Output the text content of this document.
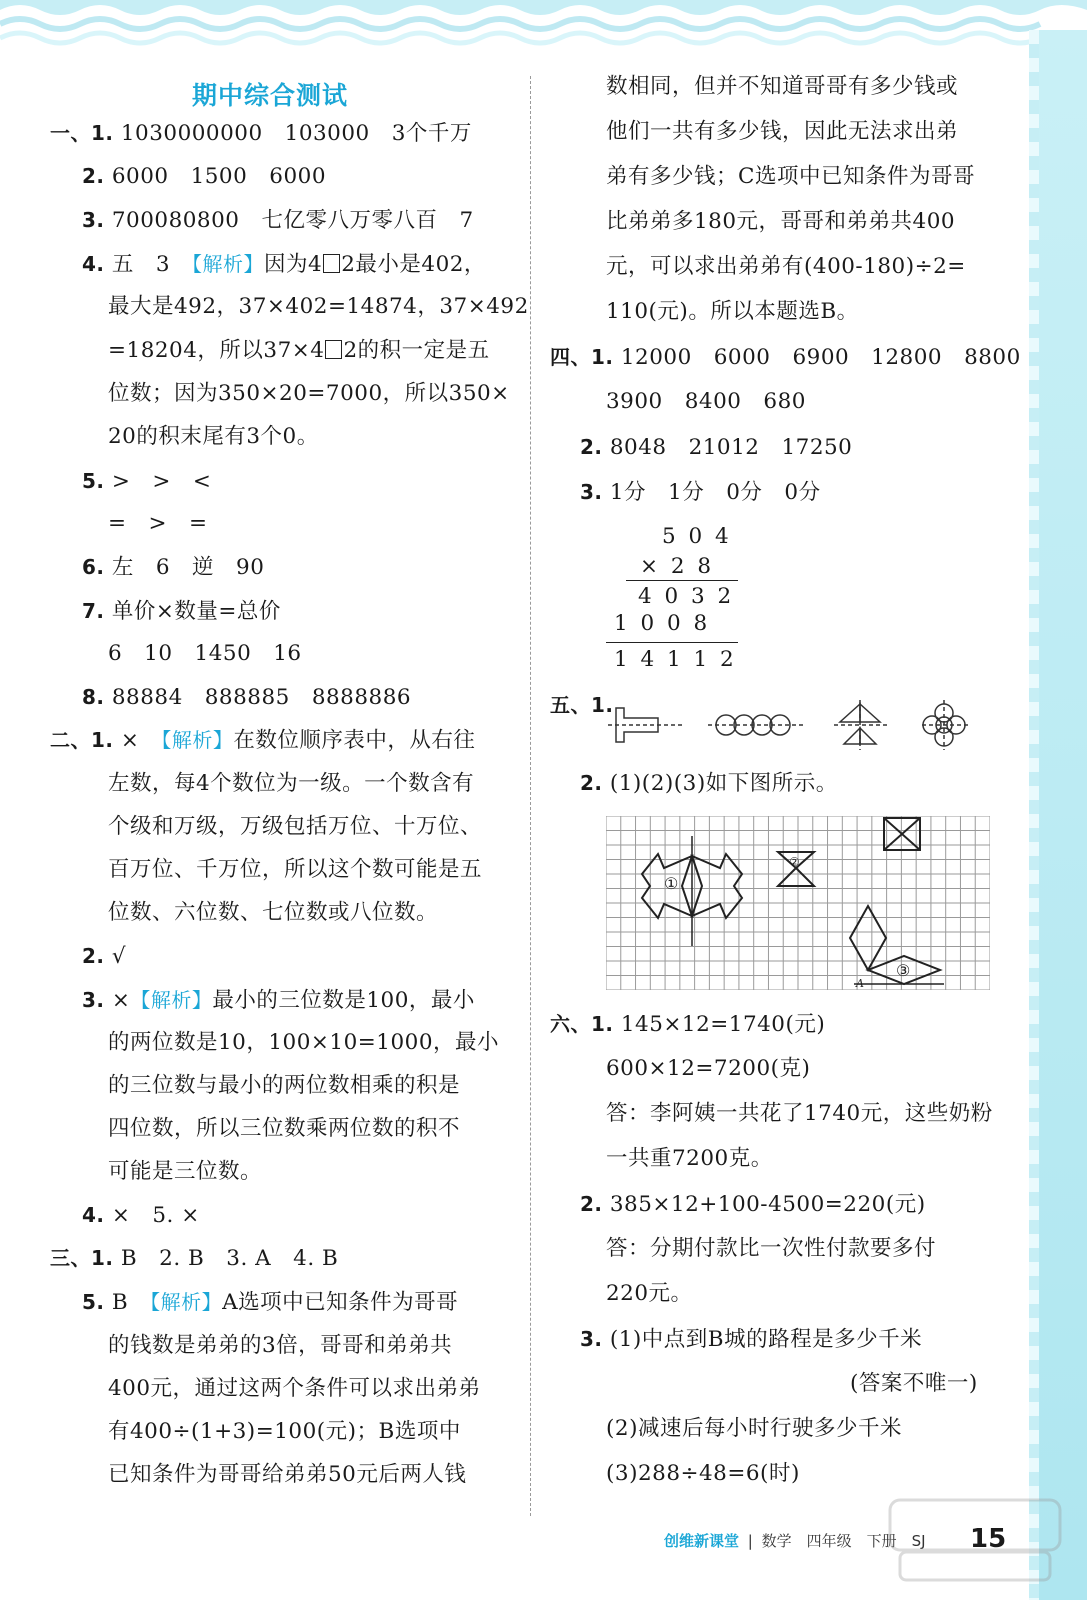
期中综合测试
一、1. 1030000000　103000　3个千万
2. 6000　1500　6000
3. 700080800　七亿零八万零八百　7
4. 五　3　【解析】因为4 2最小是402，
最大是492，37×402=14874，37×492
=18204，所以37×4 2的积一定是五
位数；因为350×20=7000，所以350×
20的积末尾有3个0。
5. >　>　<
=　>　=
6. 左　6　逆　90
7. 单价×数量=总价
6　10　1450　16
8. 88884　888885　8888886
二、1. ×　【解析】在数位顺序表中，从右往
左数，每4个数位为一级。一个数含有
个级和万级，万级包括万位、十万位、
百万位、千万位，所以这个数可能是五
位数、六位数、七位数或八位数。
2. √
3. ×【解析】最小的三位数是100，最小
的两位数是10，100×10=1000，最小
的三位数与最小的两位数相乘的积是
四位数，所以三位数乘两位数的积不
可能是三位数。
4. ×　5. ×
三、1. B　2. B　3. A　4. B
5. B　【解析】A选项中已知条件为哥哥
的钱数是弟弟的3倍，哥哥和弟弟共
400元，通过这两个条件可以求出弟弟
有400÷(1+3)=100(元)；B选项中
已知条件为哥哥给弟弟50元后两人钱
数相同，但并不知道哥哥有多少钱或
他们一共有多少钱，因此无法求出弟
弟有多少钱；C选项中已知条件为哥哥
比弟弟多180元，哥哥和弟弟共400
元，可以求出弟弟有(400-180)÷2=
110(元)。所以本题选B。
四、1. 12000　6000　6900　12800　8800
3900　8400　680
2. 8048　21012　17250
3. 1分　1分　0分　0分
五、1.
2. (1)(2)(3)如下图所示。
六、1. 145×12=1740(元)
600×12=7200(克)
答：李阿姨一共花了1740元，这些奶粉
一共重7200克。
2. 385×12+100-4500=220(元)
答：分期付款比一次性付款要多付
220元。
3. (1)中点到B城的路程是多少千米
(答案不唯一)
(2)减速后每小时行驶多少千米
(3)288÷48=6(时)
5 0 4
× 2 8
4 0 3 2
1 0 0 8
1 4 1 1 2
①
②
③
A
创维新课堂 | 数学　四年级　下册　SJ 15
